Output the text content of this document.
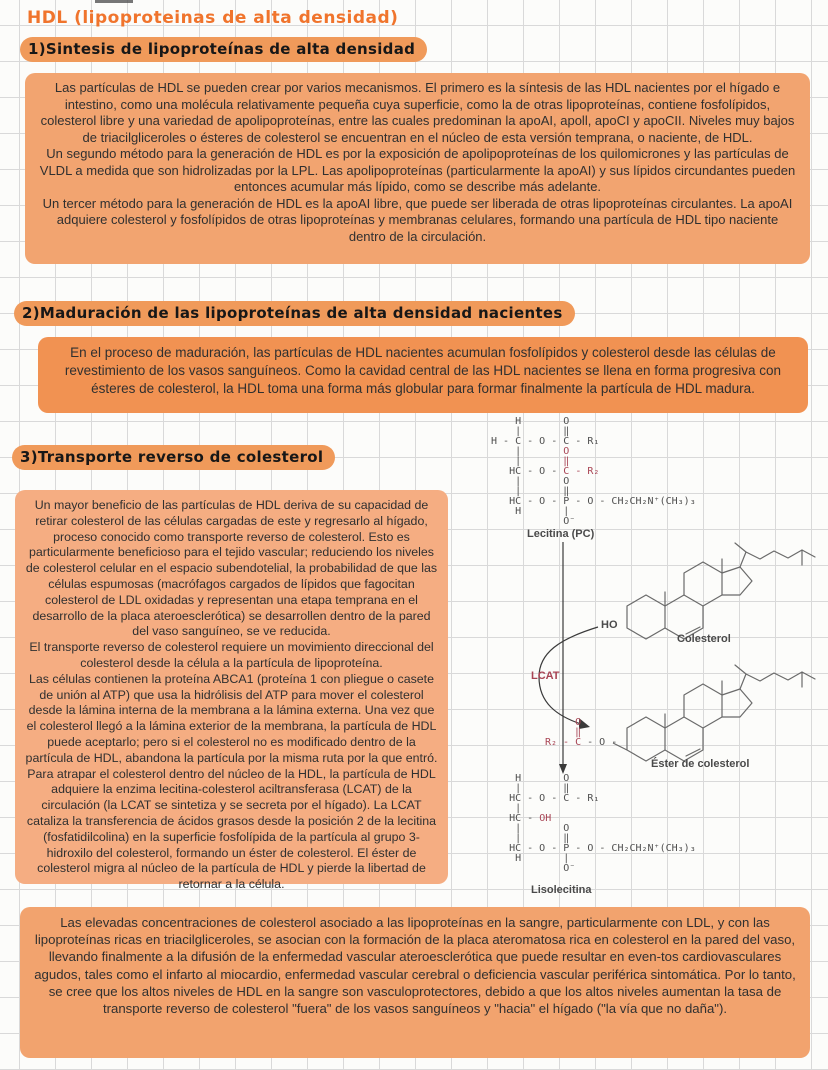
HDL (lipoproteinas de alta densidad)
1)Sintesis de lipoproteínas de alta densidad

Las partículas de HDL se pueden crear por varios mecanismos. El primero es la síntesis de las HDL nacientes por el hígado e intestino, como una molécula relativamente pequeña cuya superficie, como la de otras lipoproteínas, contiene fosfolípidos, colesterol libre y una variedad de apolipoproteínas, entre las cuales predominan la apoAI, apoll, apoCI y apoCII. Niveles muy bajos de triacilgliceroles o ésteres de colesterol se encuentran en el núcleo de esta versión temprana, o naciente, de HDL.

Un segundo método para la generación de HDL es por la exposición de apolipoproteínas de los quilomicrones y las partículas de VLDL a medida que son hidrolizadas por la LPL. Las apolipoproteínas (particularmente la apoAI) y sus lípidos circundantes pueden entonces acumular más lípido, como se describe más adelante.

Un tercer método para la generación de HDL es la apoAI libre, que puede ser liberada de otras lipoproteínas circulantes. La apoAI adquiere colesterol y fosfolípidos de otras lipoproteínas y membranas celulares, formando una partícula de HDL tipo naciente dentro de la circulación.

2)Maduración de las lipoproteínas de alta densidad nacientes

En el proceso de maduración, las partículas de HDL nacientes acumulan fosfolípidos y colesterol desde las células de revestimiento de los vasos sanguíneos. Como la cavidad central de las HDL nacientes se llena en forma progresiva con ésteres de colesterol, la HDL toma una forma más globular para formar finalmente la partícula de HDL madura.

3)Transporte reverso de colesterol

Un mayor beneficio de las partículas de HDL deriva de su capacidad de retirar colesterol de las células cargadas de este y regresarlo al hígado, proceso conocido como transporte reverso de colesterol. Esto es particularmente beneficioso para el tejido vascular; reduciendo los niveles de colesterol celular en el espacio subendotelial, la probabilidad de que las células espumosas (macrófagos cargados de lípidos que fagocitan colesterol de LDL oxidadas y representan una etapa temprana en el desarrollo de la placa ateroesclerótica) se desarrollen dentro de la pared del vaso sanguíneo, se ve reducida.

El transporte reverso de colesterol requiere un movimiento direccional del colesterol desde la célula a la partícula de lipoproteína.

Las células contienen la proteína ABCA1 (proteína 1 con pliegue o casete de unión al ATP) que usa la hidrólisis del ATP para mover el colesterol desde la lámina interna de la membrana a la lámina externa. Una vez que el colesterol llegó a la lámina exterior de la membrana, la partícula de HDL puede aceptarlo; pero si el colesterol no es modificado dentro de la partícula de HDL, abandona la partícula por la misma ruta por la que entró. Para atrapar el colesterol dentro del núcleo de la HDL, la partícula de HDL adquiere la enzima lecitina-colesterol aciltransferasa (LCAT) de la circulación (la LCAT se sintetiza y se secreta por el hígado). La LCAT cataliza la transferencia de ácidos grasos desde la posición 2 de la lecitina (fosfatidilcolina) en la superficie fosfolípida de la partícula al grupo 3-hidroxilo del colesterol, formando un éster de colesterol. El éster de colesterol migra al núcleo de la partícula de HDL y pierde la libertad de retornar a la célula.

H       O
|       ‖
H - C - O - C - R₁
|       O
|       ‖
HC - O - C - R₂
|       O
|       ‖
HC - O - P - O - CH₂CH₂N⁺(CH₃)₃
H       |
O⁻
Lecitina (PC)
HO
Colesterol
LCAT
O
‖
R₂ - C - O -
Éster de colesterol
H       O
|       ‖
HC - O - C - R₁
|
HC - OH
|       O
|       ‖
HC - O - P - O - CH₂CH₂N⁺(CH₃)₃
H       |
O⁻
Lisolecitina

Las elevadas concentraciones de colesterol asociado a las lipoproteínas en la sangre, particularmente con LDL, y con las lipoproteínas ricas en triacilgliceroles, se asocian con la formación de la placa ateromatosa rica en colesterol en la pared del vaso, llevando finalmente a la difusión de la enfermedad vascular ateroesclerótica que puede resultar en even-tos cardiovasculares agudos, tales como el infarto al miocardio, enfermedad vascular cerebral o deficiencia vascular periférica sintomática. Por lo tanto, se cree que los altos niveles de HDL en la sangre son vasculoprotectores, debido a que los altos niveles aumentan la tasa de transporte reverso de colesterol "fuera" de los vasos sanguíneos y "hacia" el hígado ("la vía que no daña").
